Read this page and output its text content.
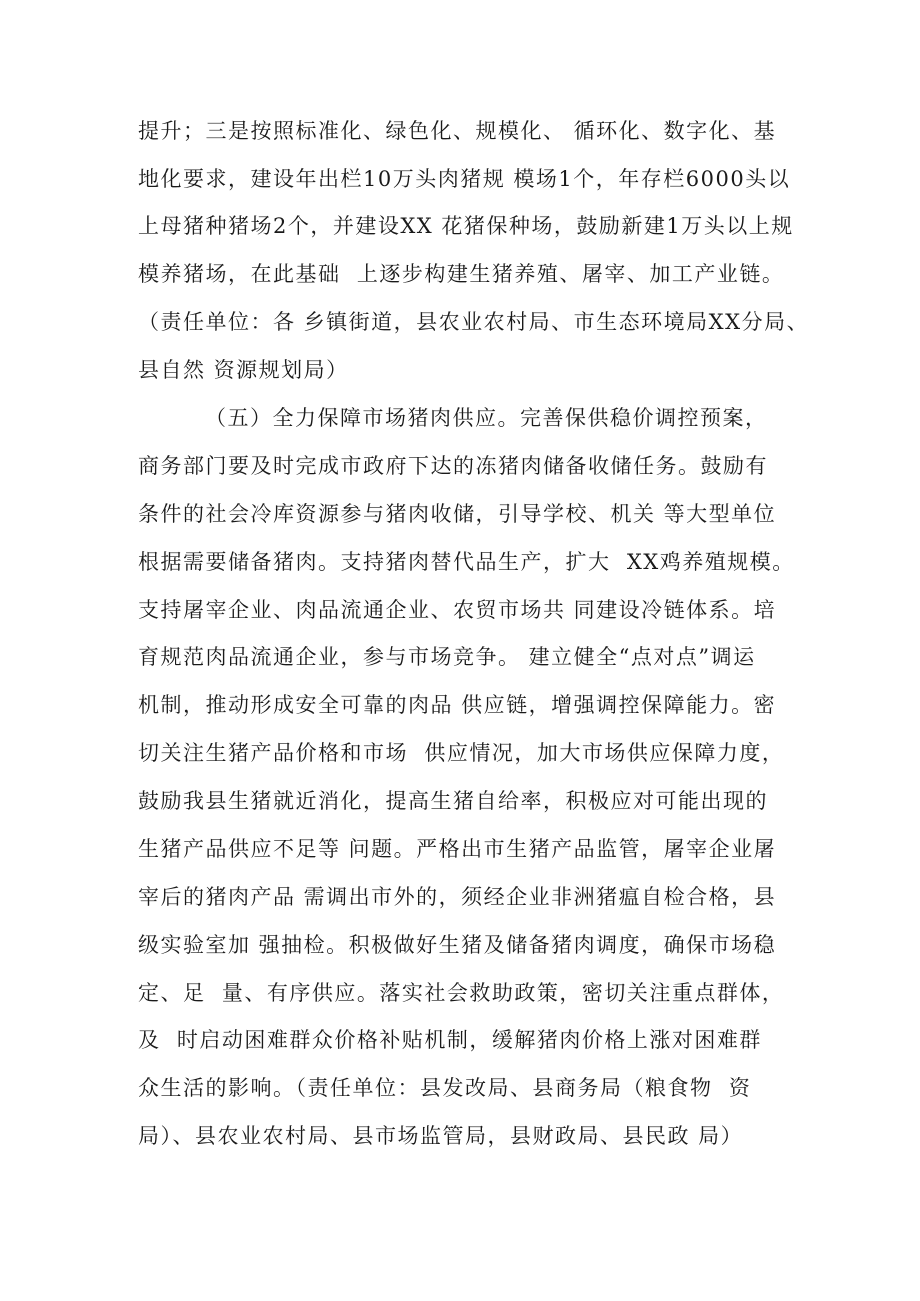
提升；三是按照标准化、绿色化、规模化、 循环化、数字化、基
地化要求，建设年出栏10万头肉猪规 模场1个，年存栏6000头以
上母猪种猪场2个，并建设XX 花猪保种场，鼓励新建1万头以上规
模养猪场，在此基础  上逐步构建生猪养殖、屠宰、加工产业链。
（责任单位：各 乡镇街道，县农业农村局、市生态环境局XX分局、
县自然 资源规划局）
（五）全力保障市场猪肉供应。完善保供稳价调控预案，
商务部门要及时完成市政府下达的冻猪肉储备收储任务。鼓励有
条件的社会冷库资源参与猪肉收储，引导学校、机关 等大型单位
根据需要储备猪肉。支持猪肉替代品生产，扩大  XX鸡养殖规模。
支持屠宰企业、肉品流通企业、农贸市场共 同建设冷链体系。培
育规范肉品流通企业，参与市场竞争。 建立健全“点对点”调运
机制，推动形成安全可靠的肉品 供应链，增强调控保障能力。密
切关注生猪产品价格和市场  供应情况，加大市场供应保障力度，
鼓励我县生猪就近消化，提高生猪自给率，积极应对可能出现的
生猪产品供应不足等 问题。严格出市生猪产品监管，屠宰企业屠
宰后的猪肉产品 需调出市外的，须经企业非洲猪瘟自检合格，县
级实验室加 强抽检。积极做好生猪及储备猪肉调度，确保市场稳
定、足  量、有序供应。落实社会救助政策，密切关注重点群体，
及  时启动困难群众价格补贴机制，缓解猪肉价格上涨对困难群
众生活的影响。（责任单位：县发改局、县商务局（粮食物  资
局）、县农业农村局、县市场监管局，县财政局、县民政 局）
